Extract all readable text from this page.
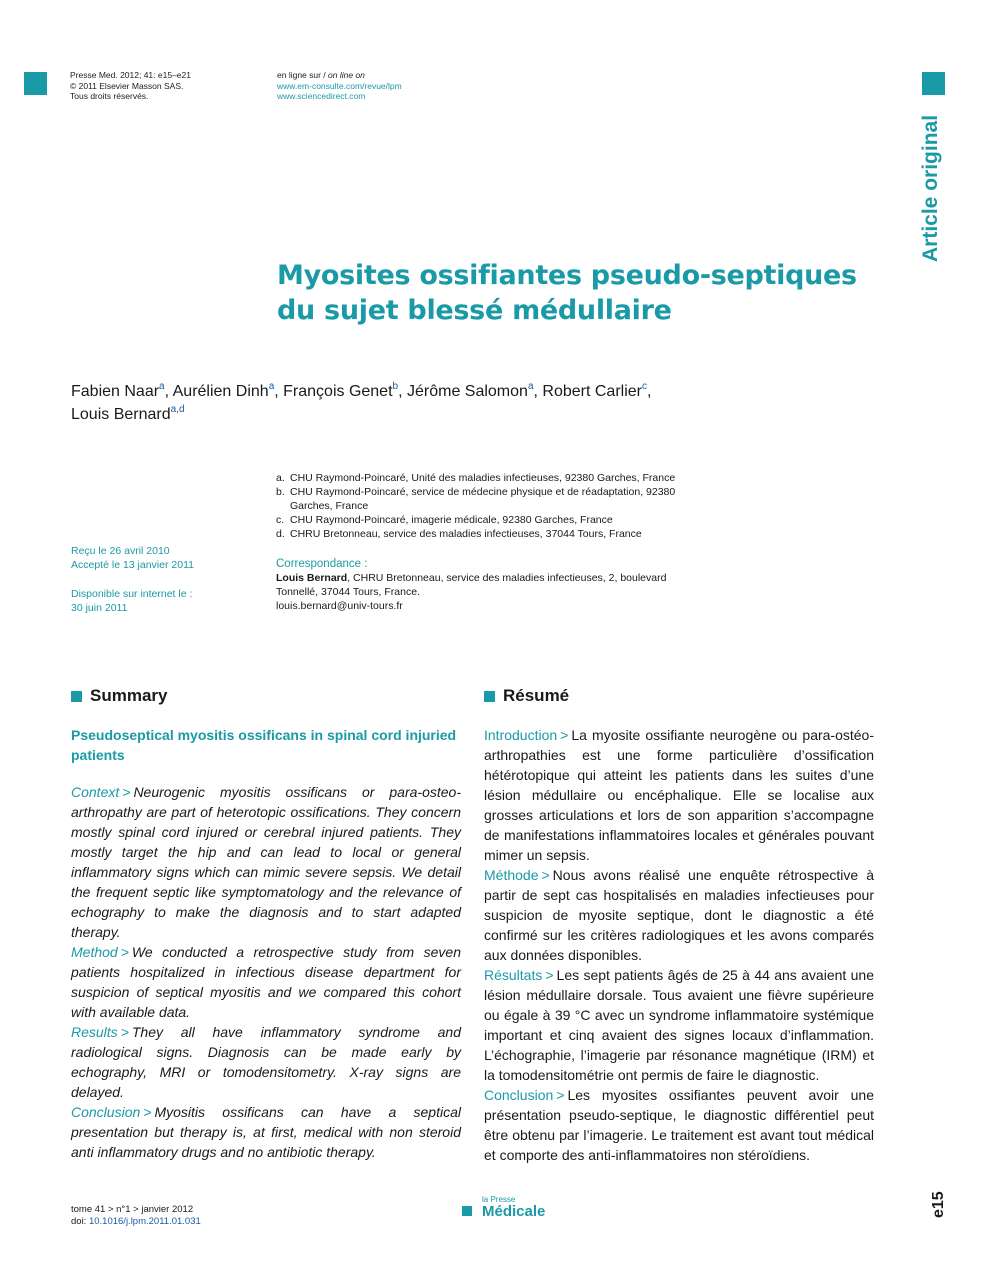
Presse Med. 2012; 41: e15–e21
© 2011 Elsevier Masson SAS.
Tous droits réservés.
en ligne sur / on line on
www.em-consulte.com/revue/lpm
www.sciencedirect.com
Article original
Myosites ossifiantes pseudo-septiques du sujet blessé médullaire
Fabien Naar$^a$, Aurélien Dinh$^a$, François Genet$^b$, Jérôme Salomon$^a$, Robert Carlier$^c$,
Louis Bernard$^{a,d}$
a. CHU Raymond-Poincaré, Unité des maladies infectieuses, 92380 Garches, France
b. CHU Raymond-Poincaré, service de médecine physique et de réadaptation, 92380 Garches, France
c. CHU Raymond-Poincaré, imagerie médicale, 92380 Garches, France
d. CHRU Bretonneau, service des maladies infectieuses, 37044 Tours, France
Reçu le 26 avril 2010
Accepté le 13 janvier 2011
Disponible sur internet le :
30 juin 2011
Correspondance :
Louis Bernard, CHRU Bretonneau, service des maladies infectieuses, 2, boulevard
Tonnellé, 37044 Tours, France.
louis.bernard@univ-tours.fr
Summary
Pseudoseptical myositis ossificans in spinal cord injuried patients

Context > Neurogenic myositis ossificans or para-osteo-arthropathy are part of heterotopic ossifications. They concern mostly spinal cord injured or cerebral injured patients. They mostly target the hip and can lead to local or general inflammatory signs which can mimic severe sepsis. We detail the frequent septic like symptomatology and the relevance of echography to make the diagnosis and to start adapted therapy.

Method > We conducted a retrospective study from seven patients hospitalized in infectious disease department for suspicion of septical myositis and we compared this cohort with available data.

Results > They all have inflammatory syndrome and radiological signs. Diagnosis can be made early by echography, MRI or tomodensitometry. X-ray signs are delayed.

Conclusion > Myositis ossificans can have a septical presentation but therapy is, at first, medical with non steroid anti inflammatory drugs and no antibiotic therapy.

Résumé

Introduction > La myosite ossifiante neurogène ou para-ostéo-arthropathies est une forme particulière d’ossification hétérotopique qui atteint les patients dans les suites d’une lésion médullaire ou encéphalique. Elle se localise aux grosses articulations et lors de son apparition s’accompagne de manifestations inflammatoires locales et générales pouvant mimer un sepsis.

Méthode > Nous avons réalisé une enquête rétrospective à partir de sept cas hospitalisés en maladies infectieuses pour suspicion de myosite septique, dont le diagnostic a été confirmé sur les critères radiologiques et les avons comparés aux données disponibles.

Résultats > Les sept patients âgés de 25 à 44 ans avaient une lésion médullaire dorsale. Tous avaient une fièvre supérieure ou égale à 39 °C avec un syndrome inflammatoire systémique important et cinq avaient des signes locaux d’inflammation. L’échographie, l’imagerie par résonance magnétique (IRM) et la tomodensitométrie ont permis de faire le diagnostic.

Conclusion > Les myosites ossifiantes peuvent avoir une présentation pseudo-septique, le diagnostic différentiel peut être obtenu par l’imagerie. Le traitement est avant tout médical et comporte des anti-inflammatoires non stéroïdiens.

tome 41 > n°1 > janvier 2012
doi: 10.1016/j.lpm.2011.01.031
la Presse
Médicale	e15
